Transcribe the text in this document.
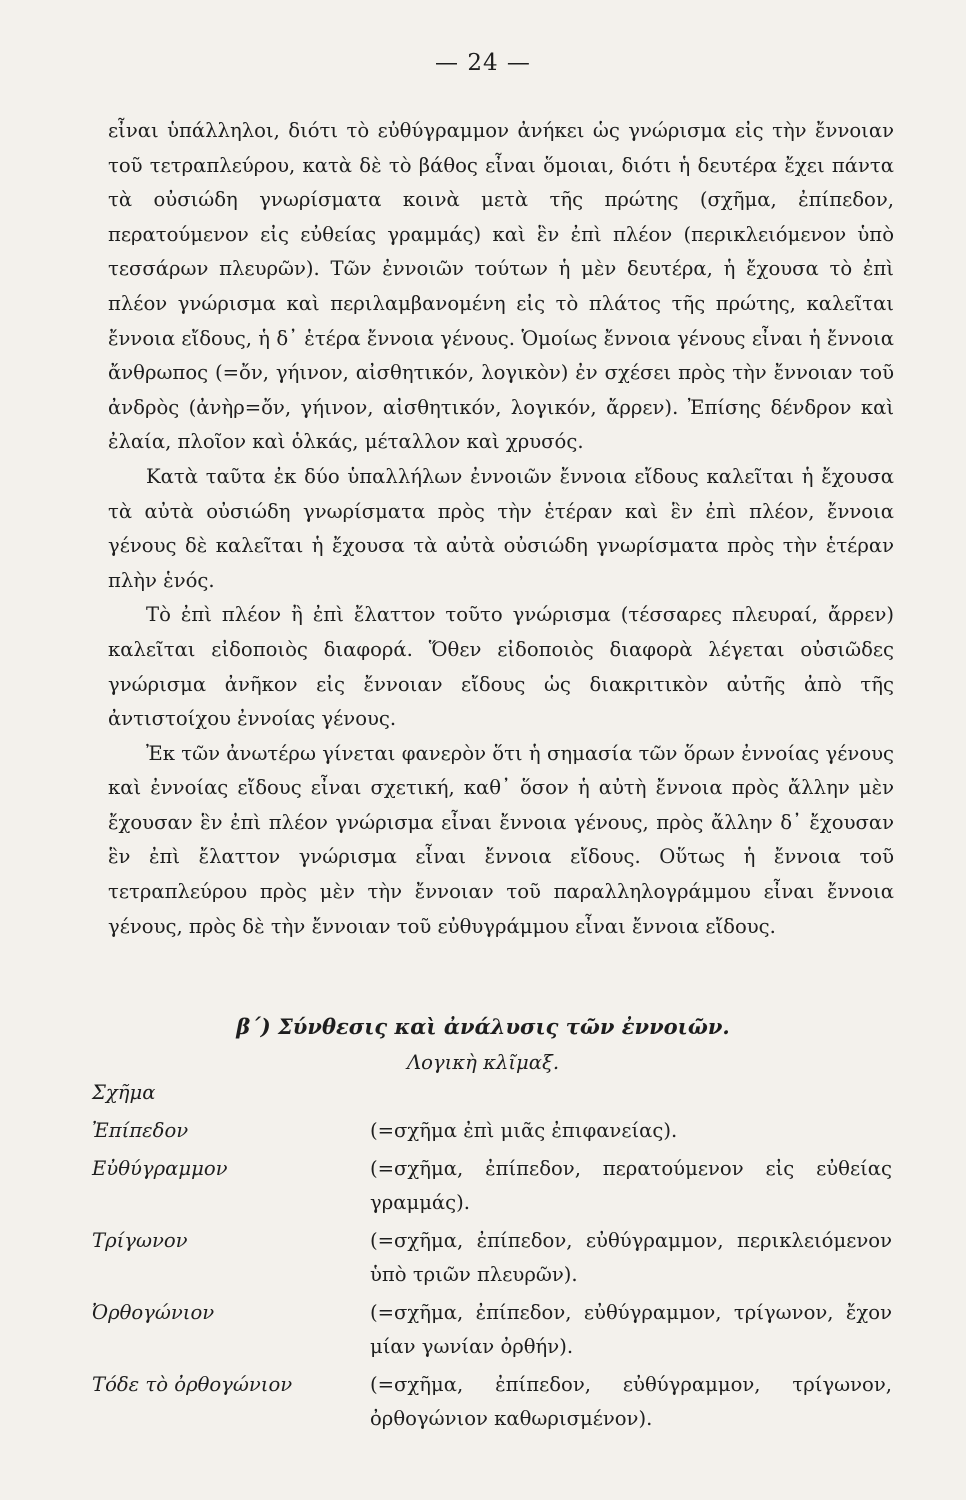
— 24 —

εἶναι ὑπάλληλοι, διότι τὸ εὐθύγραμμον ἀνήκει ὡς γνώρισμα εἰς τὴν ἔννοιαν τοῦ τετραπλεύρου, κατὰ δὲ τὸ βάθος εἶναι ὅμοιαι, διότι ἡ δευτέρα ἔχει πάντα τὰ οὐσιώδη γνωρίσματα κοινὰ μετὰ τῆς πρώτης (σχῆμα, ἐπίπεδον, περατούμενον εἰς εὐθείας γραμμάς) καὶ ἓν ἐπὶ πλέον (περικλειόμενον ὑπὸ τεσσάρων πλευρῶν). Τῶν ἐννοιῶν τούτων ἡ μὲν δευτέρα, ἡ ἔχουσα τὸ ἐπὶ πλέον γνώρισμα καὶ περιλαμβανομένη εἰς τὸ πλάτος τῆς πρώτης, καλεῖται ἔννοια εἴδους, ἡ δ᾽ ἑτέρα ἔννοια γένους. Ὁμοίως ἔννοια γένους εἶναι ἡ ἔννοια ἄνθρωπος (=ὄν, γήινον, αἰσθητικόν, λογικὸν) ἐν σχέσει πρὸς τὴν ἔννοιαν τοῦ ἀνδρὸς (ἀνὴρ=ὄν, γήινον, αἰσθητικόν, λογικόν, ἄρρεν). Ἐπίσης δένδρον καὶ ἐλαία, πλοῖον καὶ ὁλκάς, μέταλλον καὶ χρυσός.

Κατὰ ταῦτα ἐκ δύο ὑπαλλήλων ἐννοιῶν ἔννοια εἴδους καλεῖται ἡ ἔχουσα τὰ αὐτὰ οὐσιώδη γνωρίσματα πρὸς τὴν ἑτέραν καὶ ἓν ἐπὶ πλέον, ἔννοια γένους δὲ καλεῖται ἡ ἔχουσα τὰ αὐτὰ οὐσιώδη γνωρίσματα πρὸς τὴν ἑτέραν πλὴν ἑνός.

Τὸ ἐπὶ πλέον ἢ ἐπὶ ἔλαττον τοῦτο γνώρισμα (τέσσαρες πλευραί, ἄρρεν) καλεῖται εἰδοποιὸς διαφορά. Ὅθεν εἰδοποιὸς διαφορὰ λέγεται οὐσιῶδες γνώρισμα ἀνῆκον εἰς ἔννοιαν εἴδους ὡς διακριτικὸν αὐτῆς ἀπὸ τῆς ἀντιστοίχου ἐννοίας γένους.

Ἐκ τῶν ἀνωτέρω γίνεται φανερὸν ὅτι ἡ σημασία τῶν ὅρων ἐννοίας γένους καὶ ἐννοίας εἴδους εἶναι σχετική, καθ᾽ ὅσον ἡ αὐτὴ ἔννοια πρὸς ἄλλην μὲν ἔχουσαν ἓν ἐπὶ πλέον γνώρισμα εἶναι ἔννοια γένους, πρὸς ἄλλην δ᾽ ἔχουσαν ἓν ἐπὶ ἔλαττον γνώρισμα εἶναι ἔννοια εἴδους. Οὕτως ἡ ἔννοια τοῦ τετραπλεύρου πρὸς μὲν τὴν ἔννοιαν τοῦ παραλληλογράμμου εἶναι ἔννοια γένους, πρὸς δὲ τὴν ἔννοιαν τοῦ εὐθυγράμμου εἶναι ἔννοια εἴδους.

β΄) Σύνθεσις καὶ ἀνάλυσις τῶν ἐννοιῶν.
Λογικὴ κλῖμαξ.
Σχῆμα
Ἐπίπεδον	(=σχῆμα ἐπὶ μιᾶς ἐπιφανείας).
Εὐθύγραμμον	(=σχῆμα, ἐπίπεδον, περατούμενον εἰς εὐθείας γραμμάς).
Τρίγωνον	(=σχῆμα, ἐπίπεδον, εὐθύγραμμον, περικλειόμενον ὑπὸ τριῶν πλευρῶν).
Ὀρθογώνιον	(=σχῆμα, ἐπίπεδον, εὐθύγραμμον, τρίγωνον, ἔχον μίαν γωνίαν ὀρθήν).
Τόδε τὸ ὀρθογώνιον	(=σχῆμα, ἐπίπεδον, εὐθύγραμμον, τρίγωνον, ὀρθογώνιον καθωρισμένον).
